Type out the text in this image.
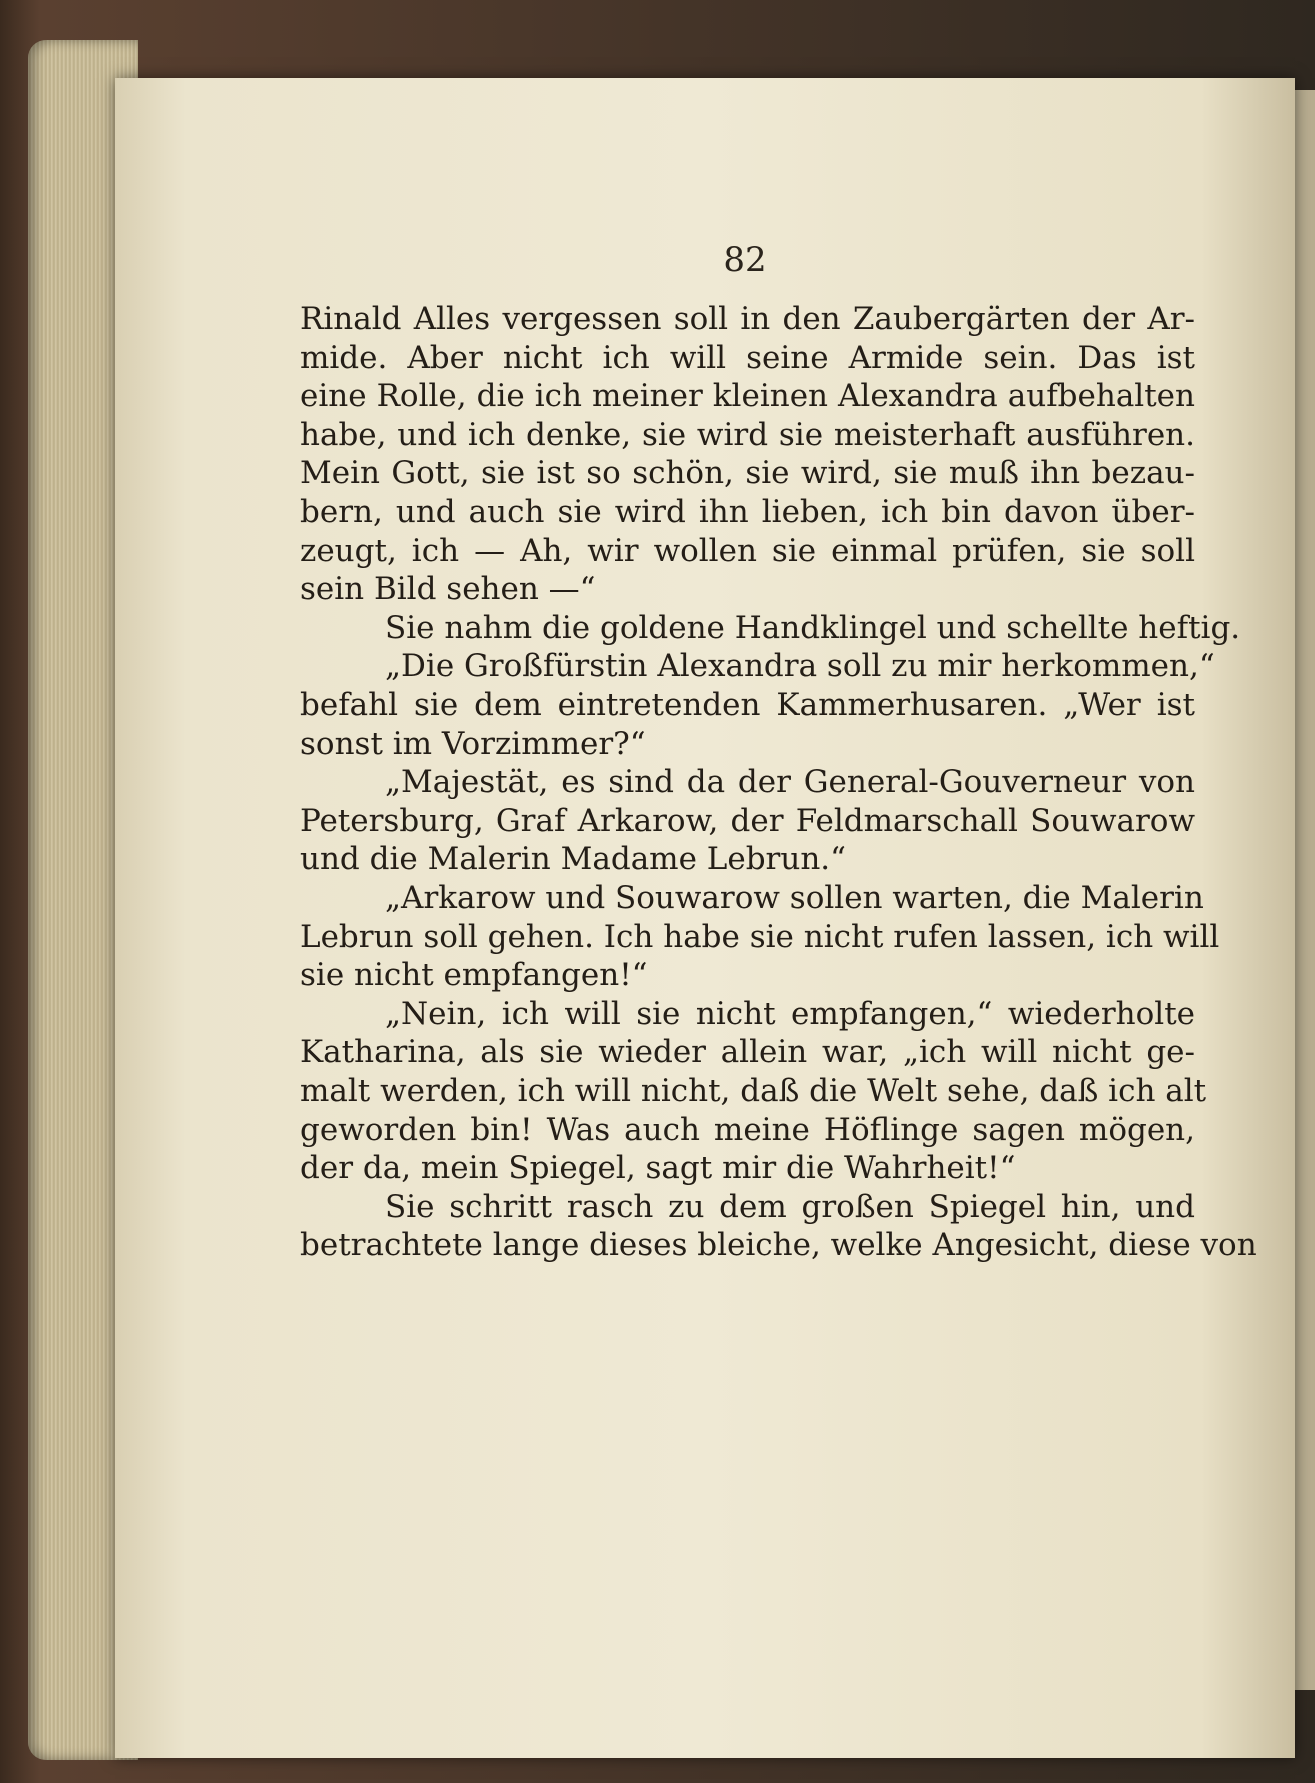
82
Rinald Alles vergessen soll in den Zaubergärten der Ar-
mide. Aber nicht ich will seine Armide sein. Das ist
eine Rolle, die ich meiner kleinen Alexandra aufbehalten
habe, und ich denke, sie wird sie meisterhaft ausführen.
Mein Gott, sie ist so schön, sie wird, sie muß ihn bezau-
bern, und auch sie wird ihn lieben, ich bin davon über-
zeugt, ich — Ah, wir wollen sie einmal prüfen, sie soll
sein Bild sehen —“
Sie nahm die goldene Handklingel und schellte heftig.
„Die Großfürstin Alexandra soll zu mir herkommen,“
befahl sie dem eintretenden Kammerhusaren. „Wer ist
sonst im Vorzimmer?“
„Majestät, es sind da der General-Gouverneur von
Petersburg, Graf Arkarow, der Feldmarschall Souwarow
und die Malerin Madame Lebrun.“
„Arkarow und Souwarow sollen warten, die Malerin
Lebrun soll gehen. Ich habe sie nicht rufen lassen, ich will
sie nicht empfangen!“
„Nein, ich will sie nicht empfangen,“ wiederholte
Katharina, als sie wieder allein war, „ich will nicht ge-
malt werden, ich will nicht, daß die Welt sehe, daß ich alt
geworden bin! Was auch meine Höflinge sagen mögen,
der da, mein Spiegel, sagt mir die Wahrheit!“
Sie schritt rasch zu dem großen Spiegel hin, und
betrachtete lange dieses bleiche, welke Angesicht, diese von
